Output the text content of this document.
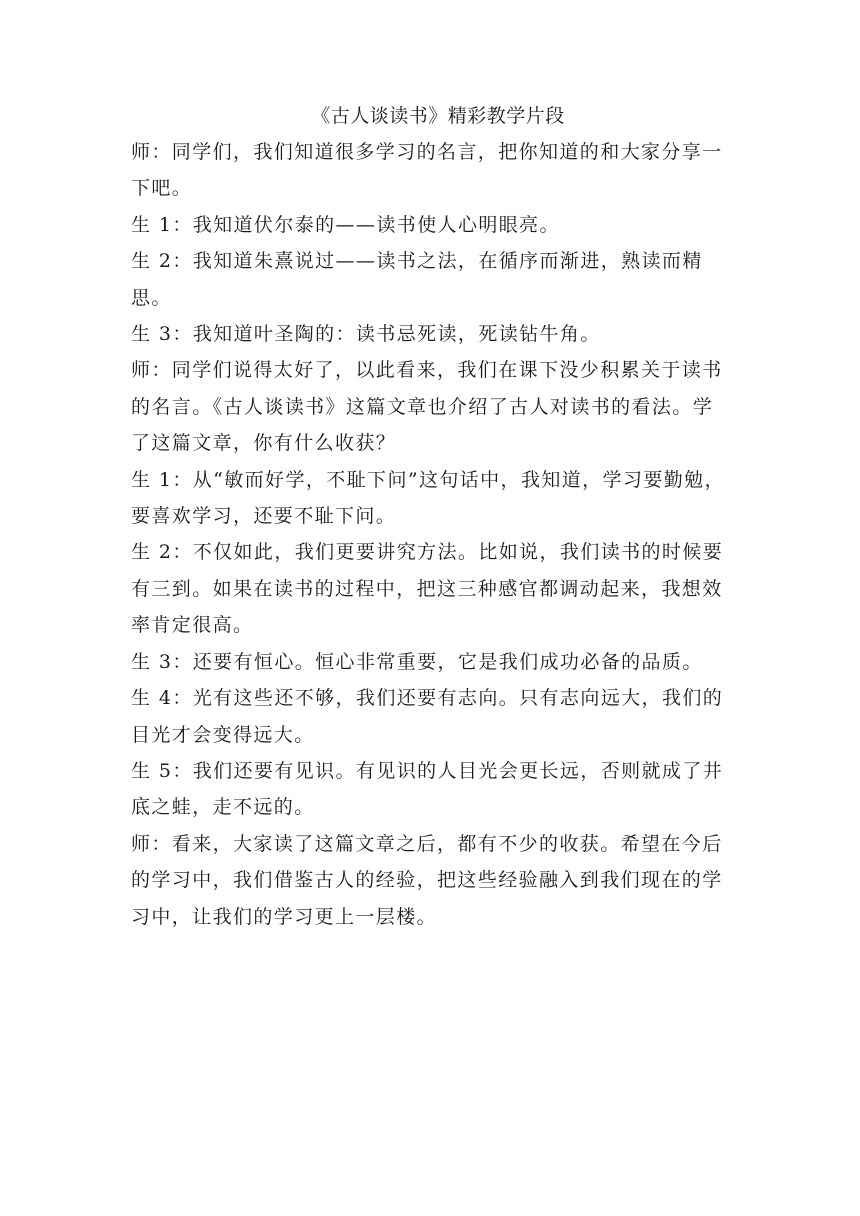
《古人谈读书》精彩教学片段

师：同学们，我们知道很多学习的名言，把你知道的和大家分享一下吧。

生 1：我知道伏尔泰的——读书使人心明眼亮。

生 2：我知道朱熹说过——读书之法，在循序而渐进，熟读而精思。

生 3：我知道叶圣陶的：读书忌死读，死读钻牛角。

师：同学们说得太好了，以此看来，我们在课下没少积累关于读书的名言。《古人谈读书》这篇文章也介绍了古人对读书的看法。学了这篇文章，你有什么收获？

生 1：从“敏而好学，不耻下问”这句话中，我知道，学习要勤勉，要喜欢学习，还要不耻下问。

生 2：不仅如此，我们更要讲究方法。比如说，我们读书的时候要有三到。如果在读书的过程中，把这三种感官都调动起来，我想效率肯定很高。

生 3：还要有恒心。恒心非常重要，它是我们成功必备的品质。

生 4：光有这些还不够，我们还要有志向。只有志向远大，我们的目光才会变得远大。

生 5：我们还要有见识。有见识的人目光会更长远，否则就成了井底之蛙，走不远的。

师：看来，大家读了这篇文章之后，都有不少的收获。希望在今后的学习中，我们借鉴古人的经验，把这些经验融入到我们现在的学习中，让我们的学习更上一层楼。
